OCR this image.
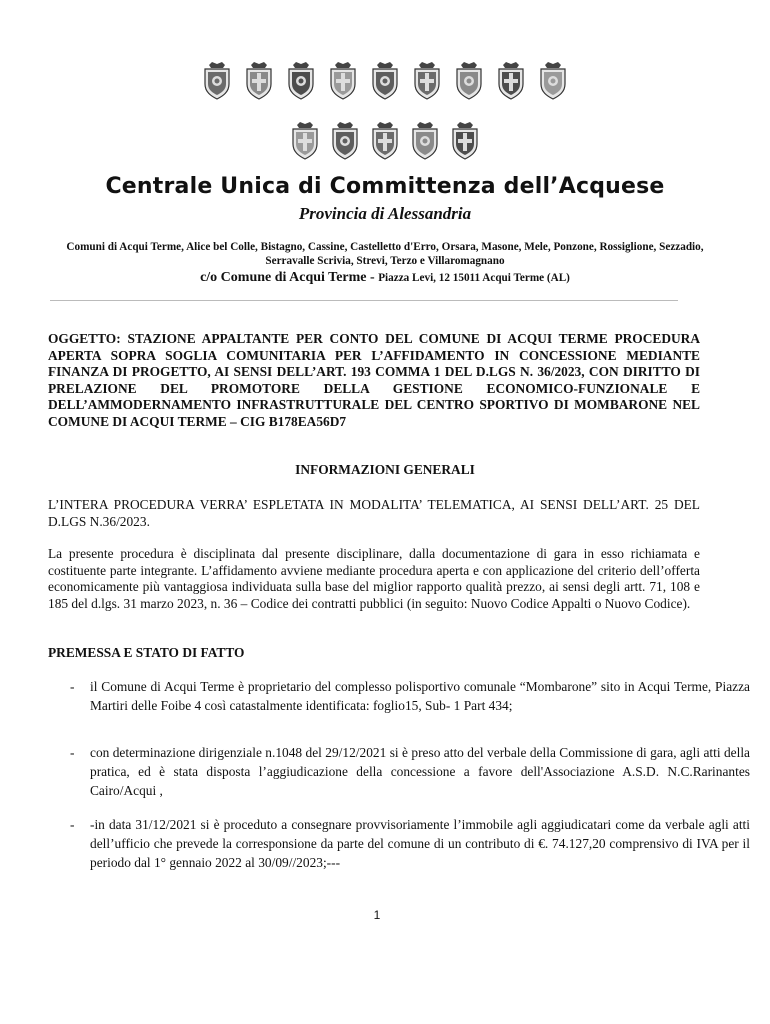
Centrale Unica di Committenza dell’Acquese
Provincia di Alessandria
Comuni di Acqui Terme, Alice bel Colle, Bistagno, Cassine, Castelletto d'Erro, Orsara, Masone, Mele, Ponzone, Rossiglione, Sezzadio, Serravalle Scrivia, Strevi, Terzo e Villaromagnano
c/o Comune di Acqui Terme - Piazza Levi, 12 15011 Acqui Terme (AL)
OGGETTO: STAZIONE APPALTANTE PER CONTO DEL COMUNE DI ACQUI TERME PROCEDURA APERTA SOPRA SOGLIA COMUNITARIA PER L’AFFIDAMENTO IN CONCESSIONE MEDIANTE FINANZA DI PROGETTO, AI SENSI DELL’ART. 193 COMMA 1 DEL D.LGS N. 36/2023, CON DIRITTO DI PRELAZIONE DEL PROMOTORE DELLA GESTIONE ECONOMICO-FUNZIONALE E DELL’AMMODERNAMENTO INFRASTRUTTURALE DEL CENTRO SPORTIVO DI MOMBARONE NEL COMUNE DI ACQUI TERME – CIG B178EA56D7
INFORMAZIONI GENERALI
L’INTERA PROCEDURA VERRA’ ESPLETATA IN MODALITA’ TELEMATICA, AI SENSI DELL’ART. 25 DEL D.LGS N.36/2023.
La presente procedura è disciplinata dal presente disciplinare, dalla documentazione di gara in esso richiamata e costituente parte integrante. L’affidamento avviene mediante procedura aperta e con applicazione del criterio dell’offerta economicamente più vantaggiosa individuata sulla base del miglior rapporto qualità prezzo, ai sensi degli artt. 71, 108 e 185 del d.lgs. 31 marzo 2023, n. 36 – Codice dei contratti pubblici (in seguito: Nuovo Codice Appalti o Nuovo Codice).
PREMESSA E STATO DI FATTO
- il Comune di Acqui Terme è proprietario del complesso polisportivo comunale “Mombarone” sito in Acqui Terme, Piazza Martiri delle Foibe 4 così catastalmente identificata: foglio15, Sub- 1 Part 434;
- con determinazione dirigenziale n.1048 del 29/12/2021 si è preso atto del verbale della Commissione di gara, agli atti della pratica, ed è stata disposta l’aggiudicazione della concessione a favore dell'Associazione A.S.D. N.C.Rarinantes Cairo/Acqui ,
- -in data 31/12/2021 si è proceduto a consegnare provvisoriamente l’immobile agli aggiudicatari come da verbale agli atti dell’ufficio che prevede la corresponsione da parte del comune di un contributo di €. 74.127,20 comprensivo di IVA per il periodo dal 1° gennaio 2022 al 30/09//2023;---
1
